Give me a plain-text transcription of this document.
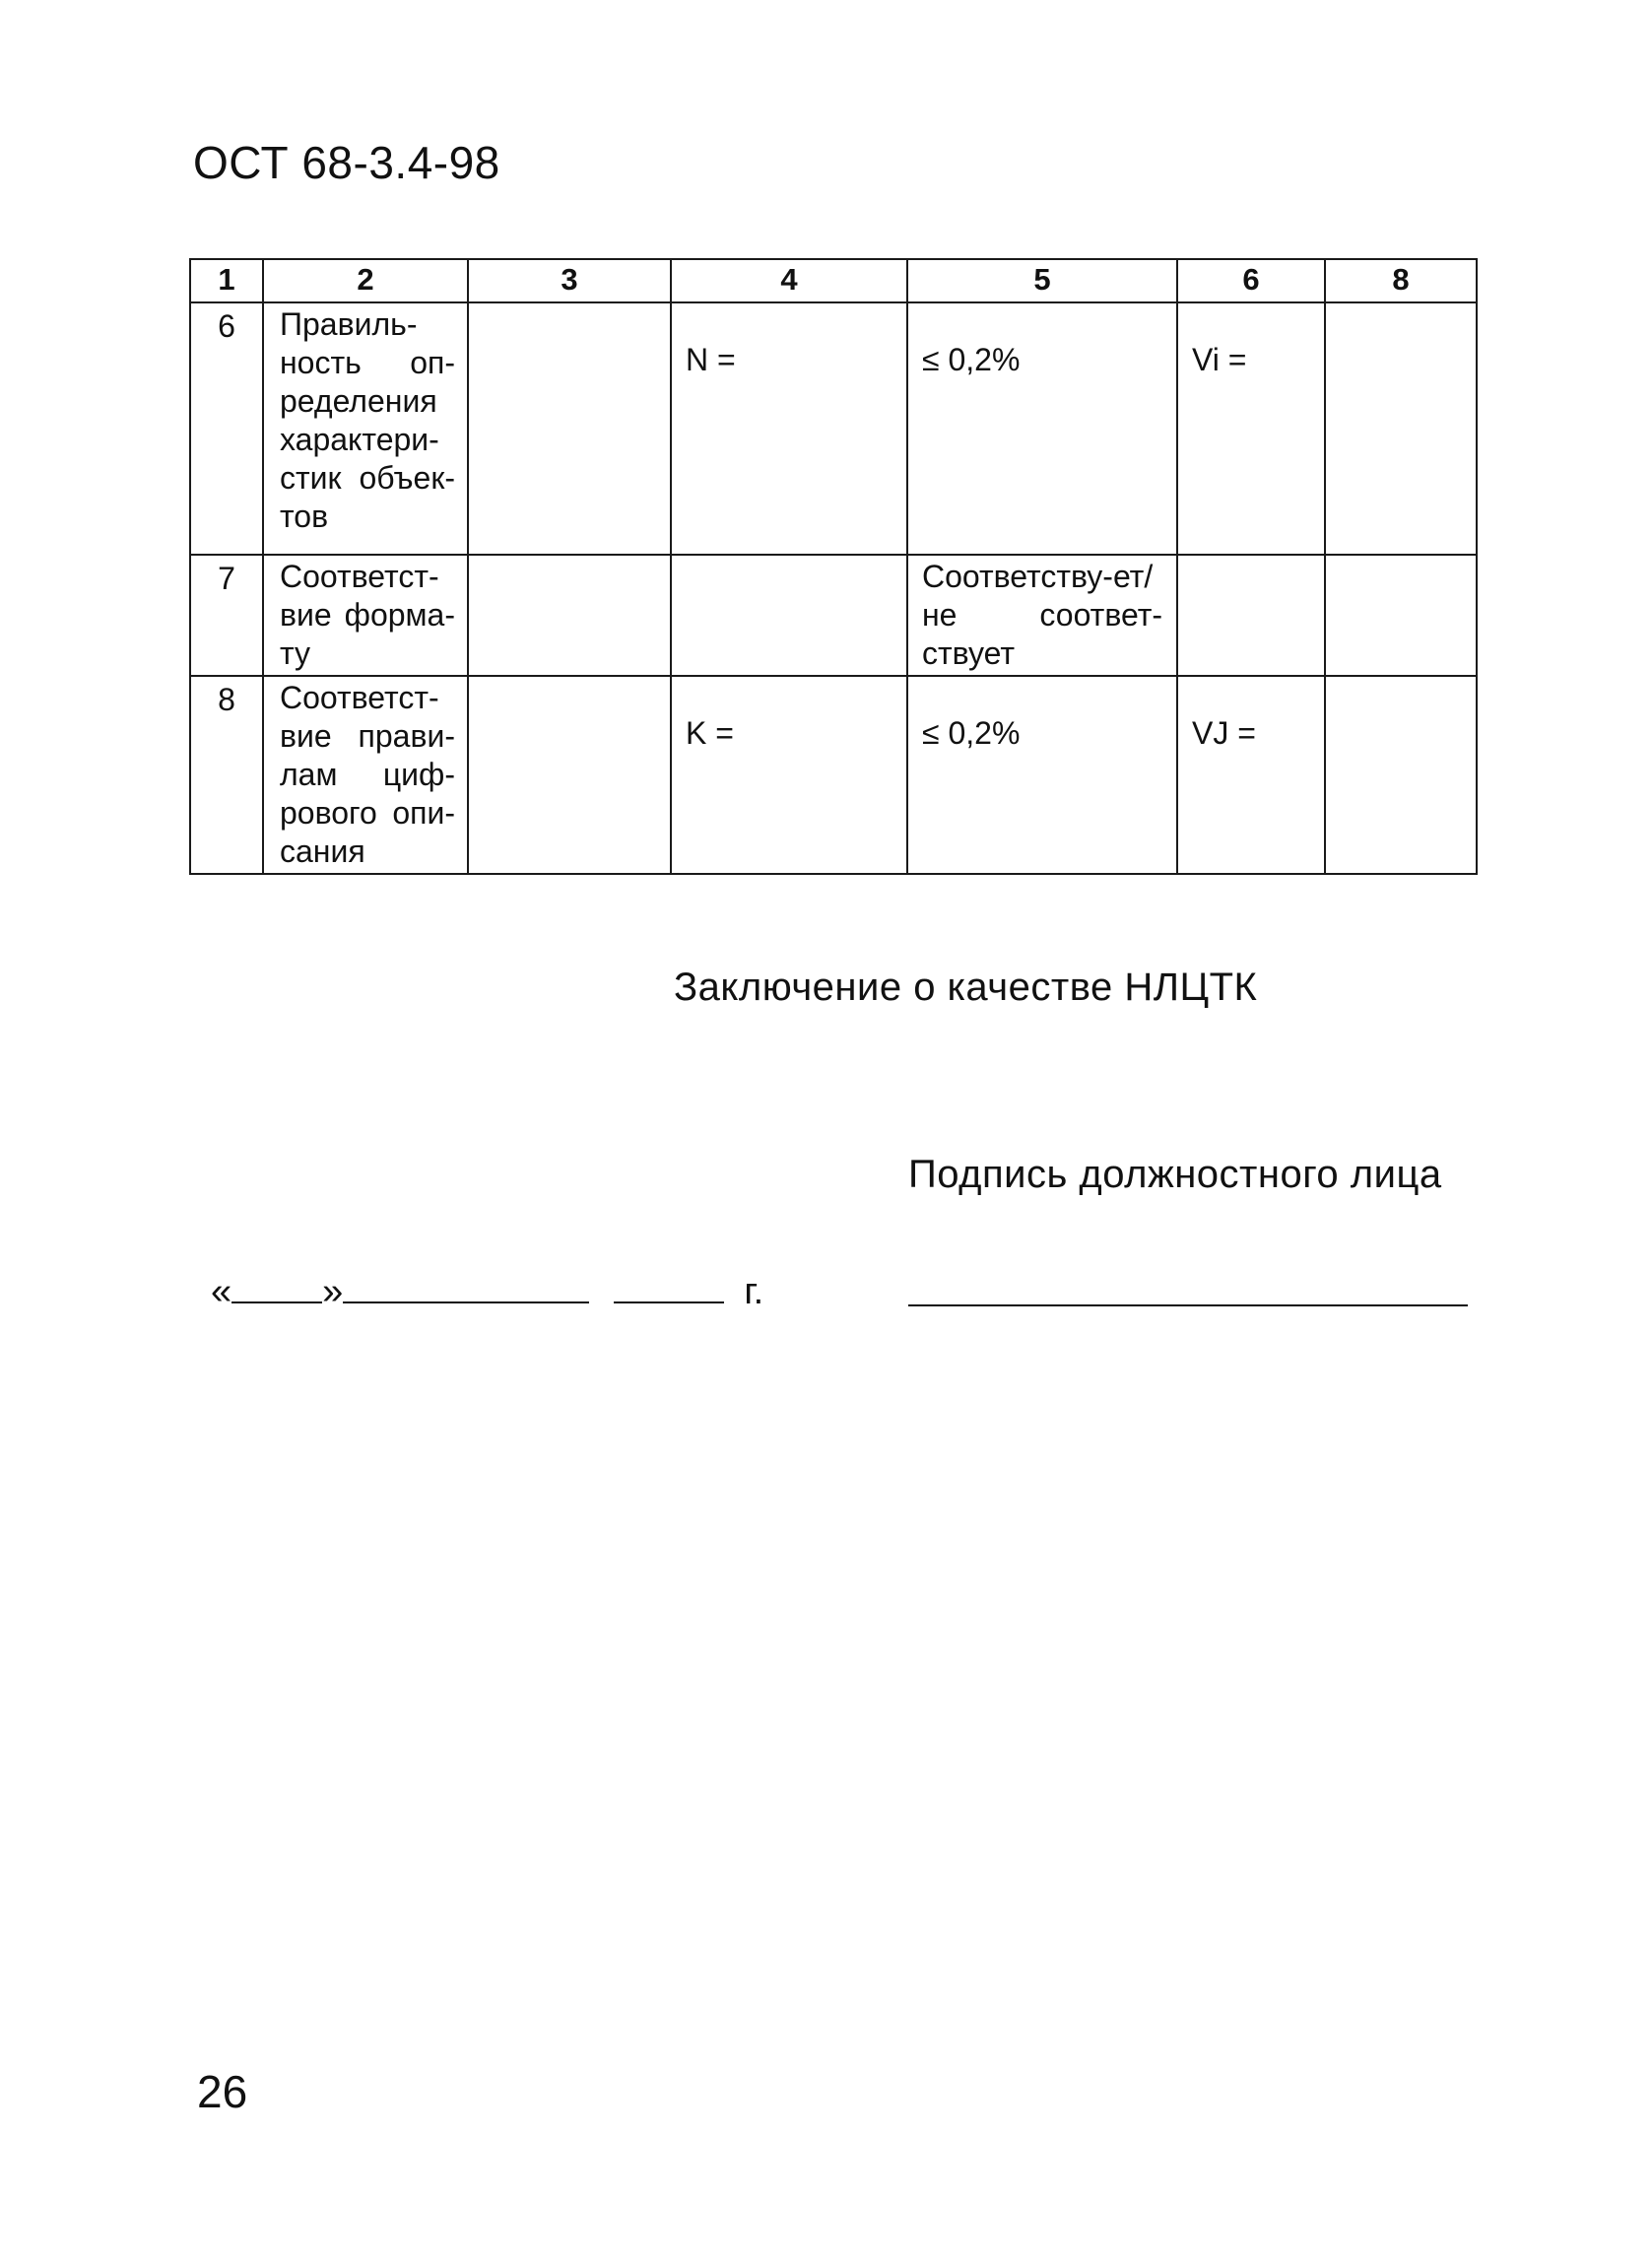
ОСТ 68-3.4-98
1	2	3	4	5	6	8
6	Правиль-ность оп-ределения характери-стик объек-тов		N =	≤ 0,2%	Vi =	

7	Соответст-вие форма-ту			Соответству-ет/не соответ-ствует		

8	Соответст-вие прави-лам циф-рового опи-сания		K =	≤ 0,2%	VJ =	

Заключение о качестве НЛЦТК
Подпись должностного лица
« »	г.
26
